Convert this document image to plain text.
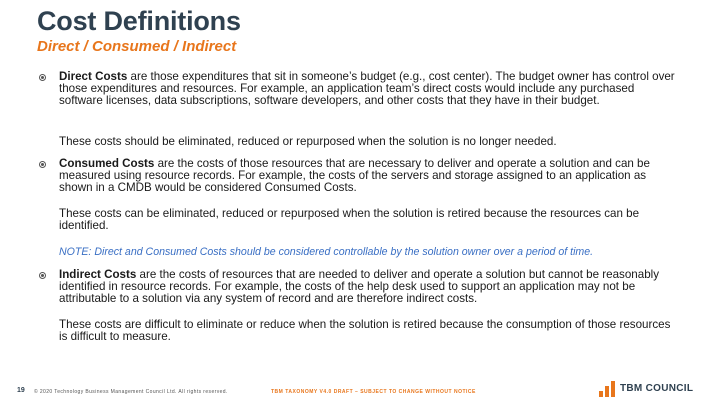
Cost Definitions
Direct / Consumed / Indirect

Direct Costs are those expenditures that sit in someone’s budget (e.g., cost center). The budget owner has control over those expenditures and resources. For example, an application team’s direct costs would include any purchased software licenses, data subscriptions, software developers, and other costs that they have in their budget.

These costs should be eliminated, reduced or repurposed when the solution is no longer needed.

Consumed Costs are the costs of those resources that are necessary to deliver and operate a solution and can be measured using resource records. For example, the costs of the servers and storage assigned to an application as shown in a CMDB would be considered Consumed Costs.

These costs can be eliminated, reduced or repurposed when the solution is retired because the resources can be identified.

NOTE: Direct and Consumed Costs should be considered controllable by the solution owner over a period of time.

Indirect Costs are the costs of resources that are needed to deliver and operate a solution but cannot be reasonably identified in resource records. For example, the costs of the help desk used to support an application may not be attributable to a solution via any system of record and are therefore indirect costs.

These costs are difficult to eliminate or reduce when the solution is retired because the consumption of those resources is difficult to measure.

19 © 2020 Technology Business Management Council Ltd. All rights reserved.	TBM TAXONOMY V4.0 DRAFT – SUBJECT TO CHANGE WITHOUT NOTICE	TBM COUNCIL
